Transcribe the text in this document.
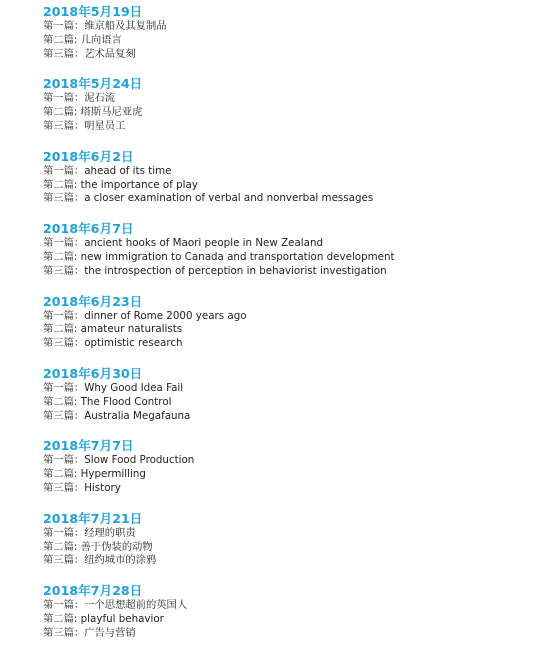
2018年5月19日
第一篇：维京船及其复制品
第二篇: 儿向语言
第三篇：艺术品复刻
2018年5月24日
第一篇：泥石流
第二篇: 塔斯马尼亚虎
第三篇：明星员工
2018年6月2日
第一篇：ahead of its time
第二篇: the importance of play
第三篇：a closer examination of verbal and nonverbal messages
2018年6月7日
第一篇：ancient hooks of Maori people in New Zealand
第二篇: new immigration to Canada and transportation development
第三篇：the introspection of perception in behaviorist investigation
2018年6月23日
第一篇：dinner of Rome 2000 years ago
第二篇: amateur naturalists
第三篇：optimistic research
2018年6月30日
第一篇：Why Good Idea Fail
第二篇: The Flood Control
第三篇：Australia Megafauna
2018年7月7日
第一篇：Slow Food Production
第二篇: Hypermilling
第三篇：History
2018年7月21日
第一篇：经理的职责
第二篇: 善于伪装的动物
第三篇：纽约城市的涂鸦
2018年7月28日
第一篇：一个思想超前的英国人
第二篇: playful behavior
第三篇：广告与营销
